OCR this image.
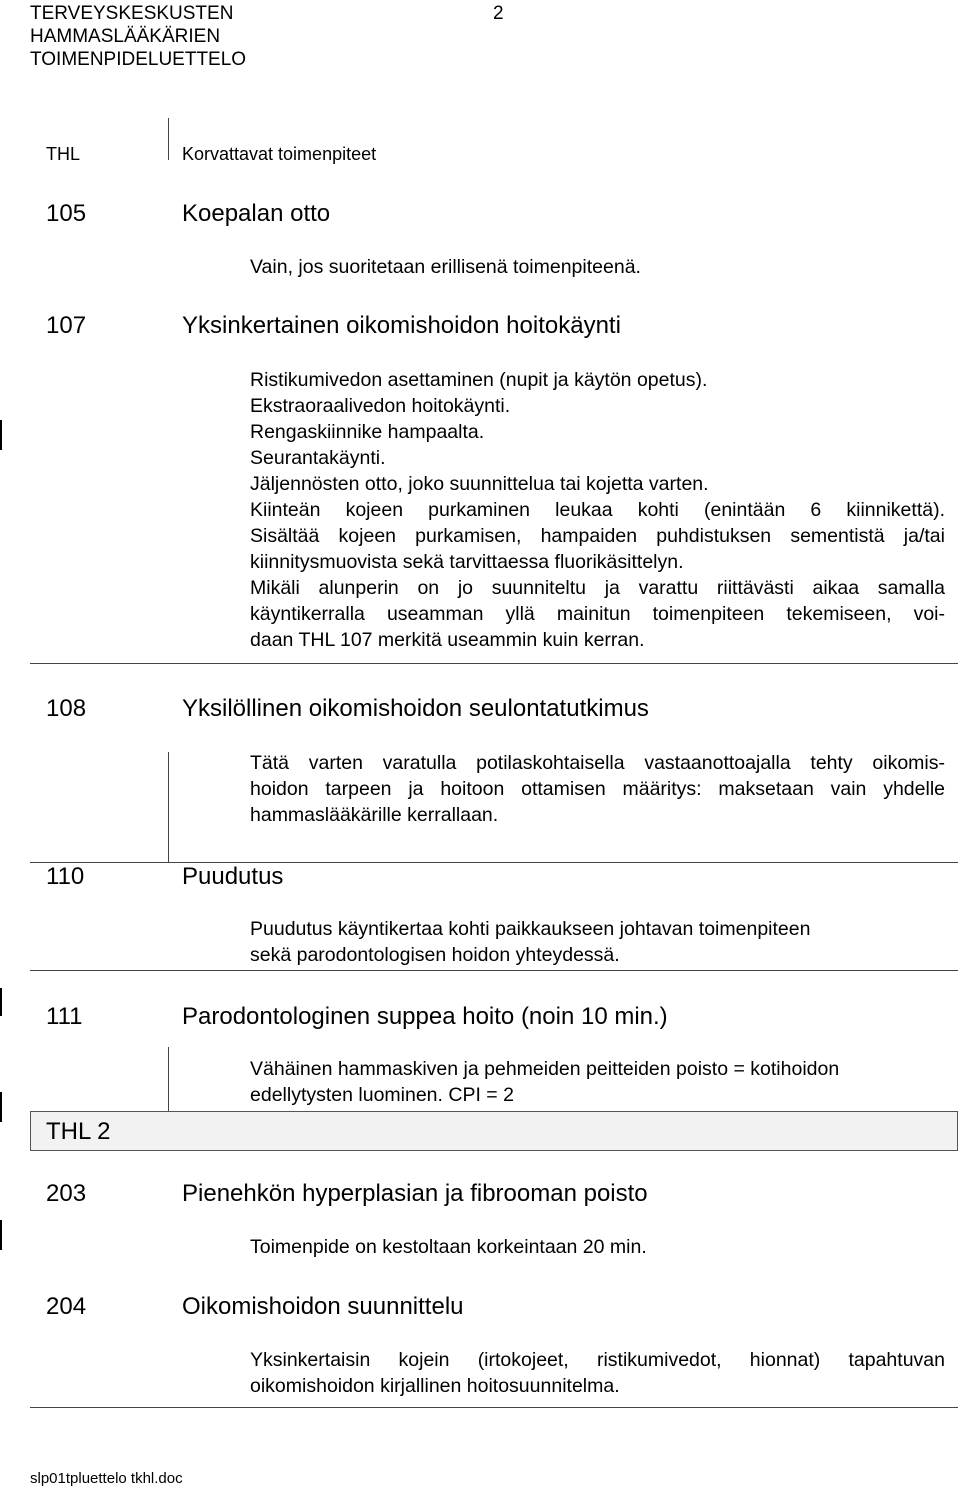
TERVEYSKESKUSTEN
HAMMASLÄÄKÄRIEN
TOIMENPIDELUETTELO
2
THL	Korvattavat toimenpiteet
105	Koepalan otto
Vain, jos suoritetaan erillisenä toimenpiteenä.
107	Yksinkertainen oikomishoidon hoitokäynti
Ristikumivedon asettaminen (nupit ja käytön opetus).
Ekstraoraalivedon hoitokäynti.
Rengaskiinnike hampaalta.
Seurantakäynti.
Jäljennösten otto, joko suunnittelua tai kojetta varten.
Kiinteän kojeen purkaminen leukaa kohti (enintään 6 kiinnikettä).
Sisältää kojeen purkamisen, hampaiden puhdistuksen sementistä ja/tai
kiinnitysmuovista sekä tarvittaessa fluorikäsittelyn.
Mikäli alunperin on jo suunniteltu ja varattu riittävästi aikaa samalla
käyntikerralla useamman yllä mainitun toimenpiteen tekemiseen, voi-
daan THL 107 merkitä useammin kuin kerran.
108	Yksilöllinen oikomishoidon seulontatutkimus
Tätä varten varatulla potilaskohtaisella vastaanottoajalla tehty oikomis-
hoidon tarpeen ja hoitoon ottamisen määritys: maksetaan vain yhdelle
hammaslääkärille kerrallaan.
110	Puudutus
Puudutus käyntikertaa kohti paikkaukseen johtavan toimenpiteen
sekä parodontologisen hoidon yhteydessä.
111	Parodontologinen suppea hoito (noin 10 min.)
Vähäinen hammaskiven ja pehmeiden peitteiden poisto = kotihoidon
edellytysten luominen. CPI = 2
THL 2
203	Pienehkön hyperplasian ja fibrooman poisto
Toimenpide on kestoltaan korkeintaan 20 min.
204	Oikomishoidon suunnittelu
Yksinkertaisin kojein (irtokojeet, ristikumivedot, hionnat) tapahtuvan
oikomishoidon kirjallinen hoitosuunnitelma.
slp01tpluettelo tkhl.doc
